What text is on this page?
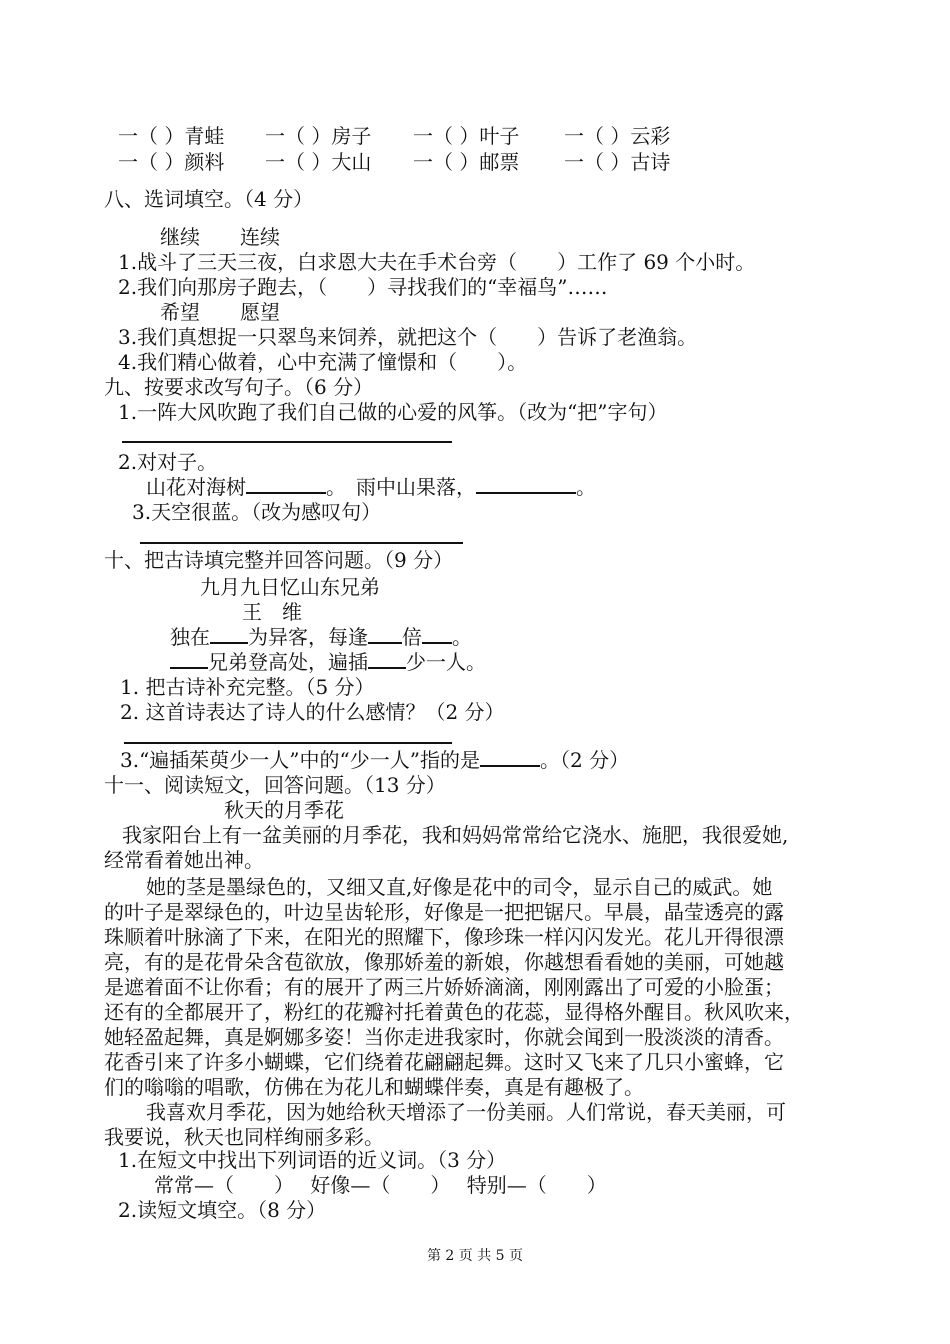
一（ ）青蛙 一（ ）房子 一（ ）叶子 一（ ）云彩
一（ ）颜料 一（ ）大山 一（ ）邮票 一（ ）古诗
八、选词填空。（4 分）
继续　　连续
1.战斗了三天三夜，白求恩大夫在手术台旁（　　）工作了 69 个小时。
2.我们向那房子跑去，（　　）寻找我们的“幸福鸟”……
希望　　愿望
3.我们真想捉一只翠鸟来饲养，就把这个（　　）告诉了老渔翁。
4.我们精心做着，心中充满了憧憬和（　　）。
九、按要求改写句子。（6 分）
1.一阵大风吹跑了我们自己做的心爱的风筝。（改为“把”字句）
2.对对子。
山花对海树	。　雨中山果落，	。
3.天空很蓝。（改为感叹句）
十、把古诗填完整并回答问题。（9 分）
九月九日忆山东兄弟
王　维
独在 为异客，每逢 倍 。
兄弟登高处，遍插 少一人。
1. 把古诗补充完整。（5 分）
2. 这首诗表达了诗人的什么感情？（2 分）
3.“遍插茱萸少一人”中的“少一人”指的是	。（2 分）
十一、阅读短文，回答问题。（13 分）
秋天的月季花
我家阳台上有一盆美丽的月季花，我和妈妈常常给它浇水、施肥，我很爱她,
经常看着她出神。
她的茎是墨绿色的，又细又直,好像是花中的司令，显示自己的威武。她
的叶子是翠绿色的，叶边呈齿轮形，好像是一把把锯尺。早晨，晶莹透亮的露
珠顺着叶脉滴了下来，在阳光的照耀下，像珍珠一样闪闪发光。花儿开得很漂
亮，有的是花骨朵含苞欲放，像那娇羞的新娘，你越想看看她的美丽，可她越
是遮着面不让你看；有的展开了两三片娇娇滴滴，刚刚露出了可爱的小脸蛋；
还有的全都展开了，粉红的花瓣衬托着黄色的花蕊，显得格外醒目。秋风吹来，
她轻盈起舞，真是婀娜多姿！当你走进我家时，你就会闻到一股淡淡的清香。
花香引来了许多小蝴蝶，它们绕着花翩翩起舞。这时又飞来了几只小蜜蜂，它
们的嗡嗡的唱歌，仿佛在为花儿和蝴蝶伴奏，真是有趣极了。
我喜欢月季花，因为她给秋天增添了一份美丽。人们常说，春天美丽，可
我要说，秋天也同样绚丽多彩。
1.在短文中找出下列词语的近义词。（3 分）
常常—（　　）　 好像—（　　）　 特别—（　　）
2.读短文填空。（8 分）
第 2 页 共 5 页
